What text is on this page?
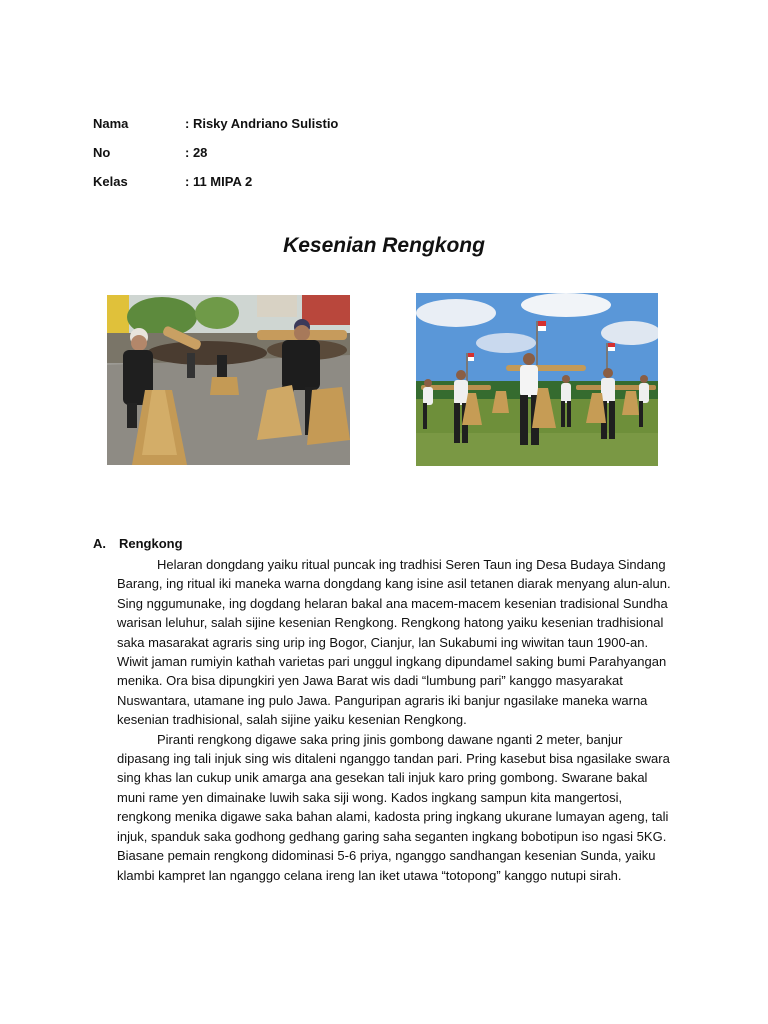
Nama	: Risky Andriano Sulistio
No	: 28
Kelas	: 11 MIPA 2
Kesenian Rengkong
A. Rengkong

Helaran dongdang yaiku ritual puncak ing tradhisi Seren Taun ing Desa Budaya Sindang Barang, ing ritual iki maneka warna dongdang kang isine asil tetanen diarak menyang alun-alun. Sing nggumunake, ing dogdang helaran bakal ana macem-macem kesenian tradisional Sundha warisan leluhur, salah sijine kesenian Rengkong. Rengkong hatong yaiku kesenian tradhisional saka masarakat agraris sing urip ing Bogor, Cianjur, lan Sukabumi ing wiwitan taun 1900-an. Wiwit jaman rumiyin kathah varietas pari unggul ingkang dipundamel saking bumi Parahyangan menika. Ora bisa dipungkiri yen Jawa Barat wis dadi “lumbung pari” kanggo masyarakat Nuswantara, utamane ing pulo Jawa. Panguripan agraris iki banjur ngasilake maneka warna kesenian tradhisional, salah sijine yaiku kesenian Rengkong.

Piranti rengkong digawe saka pring jinis gombong dawane nganti 2 meter, banjur dipasang ing tali injuk sing wis ditaleni nganggo tandan pari. Pring kasebut bisa ngasilake swara sing khas lan cukup unik amarga ana gesekan tali injuk karo pring gombong. Swarane bakal muni rame yen dimainake luwih saka siji wong. Kados ingkang sampun kita mangertosi, rengkong menika digawe saka bahan alami, kadosta pring ingkang ukurane lumayan ageng, tali injuk, spanduk saka godhong gedhang garing saha seganten ingkang bobotipun iso ngasi 5KG. Biasane pemain rengkong didominasi 5-6 priya, nganggo sandhangan kesenian Sunda, yaiku klambi kampret lan nganggo celana ireng lan iket utawa “totopong” kanggo nutupi sirah.
